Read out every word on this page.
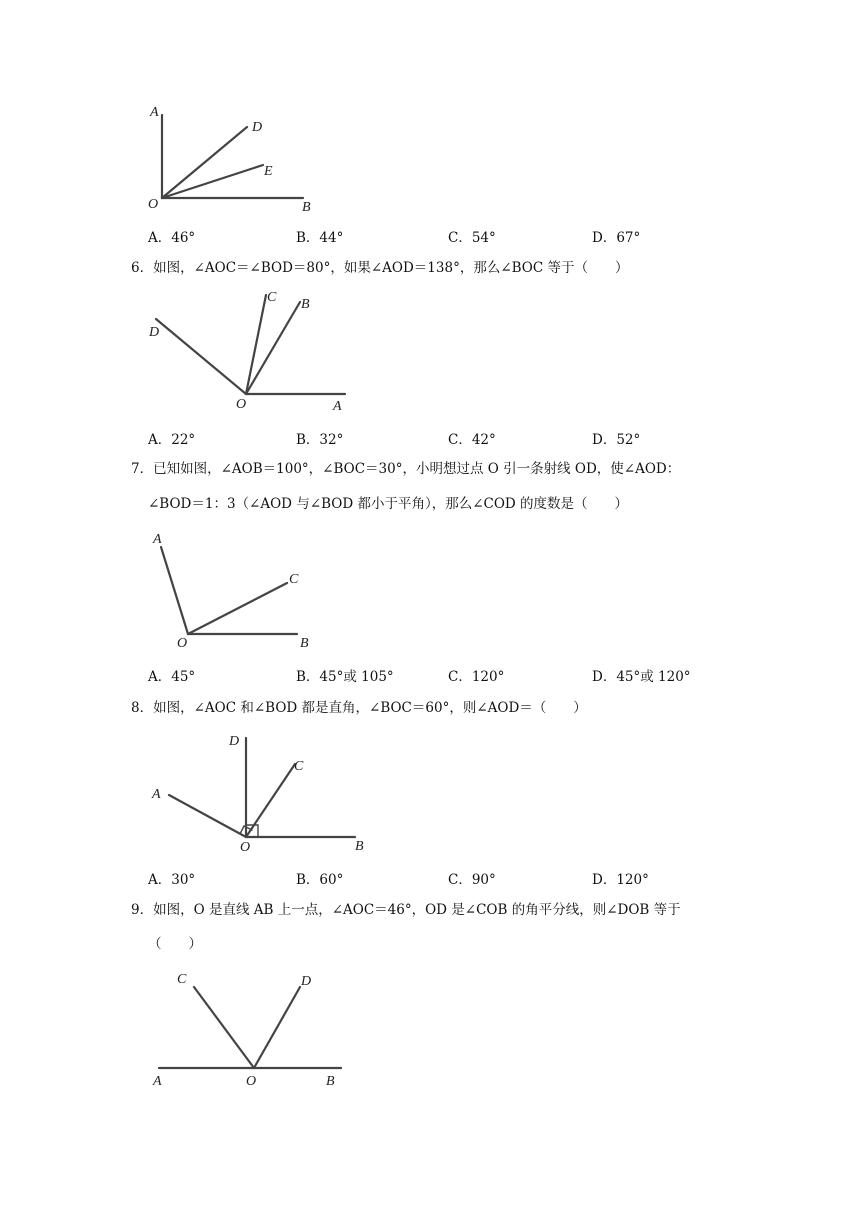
A
D
E
O	B
A．46°	B．44°	C．54°	D．67°
6．如图，∠AOC＝∠BOD＝80°，如果∠AOD＝138°，那么∠BOC 等于（　　）
C B
D
O	A
A．22°	B．32°	C．42°	D．52°
7．已知如图，∠AOB＝100°，∠BOC＝30°，小明想过点 O 引一条射线 OD，使∠AOD：
∠BOD＝1：3（∠AOD 与∠BOD 都小于平角），那么∠COD 的度数是（　　）
A
C
O	B
A．45°	B．45°或 105°	C．120°	D．45°或 120°
8．如图，∠AOC 和∠BOD 都是直角，∠BOC＝60°，则∠AOD＝（　　）
D
C
A
O	B
A．30°	B．60°	C．90°	D．120°
9．如图，O 是直线 AB 上一点，∠AOC＝46°，OD 是∠COB 的角平分线，则∠DOB 等于
（　　）
C	D
A	O	B
